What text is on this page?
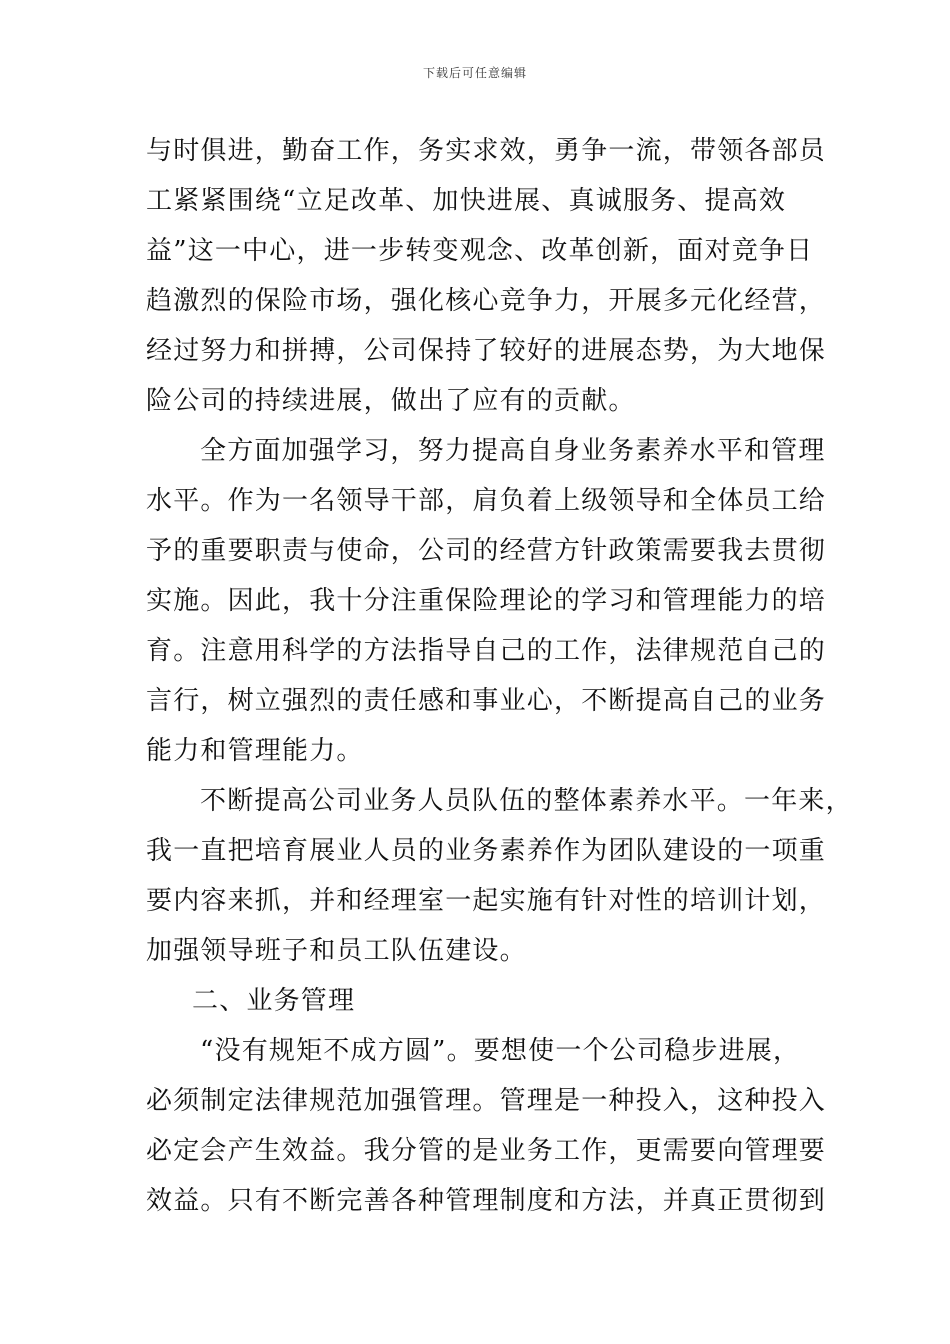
下载后可任意编辑
与时俱进，勤奋工作，务实求效，勇争一流，带领各部员
工紧紧围绕“立足改革、加快进展、真诚服务、提高效
益”这一中心，进一步转变观念、改革创新，面对竞争日
趋激烈的保险市场，强化核心竞争力，开展多元化经营，
经过努力和拼搏，公司保持了较好的进展态势，为大地保
险公司的持续进展，做出了应有的贡献。
全方面加强学习，努力提高自身业务素养水平和管理
水平。作为一名领导干部，肩负着上级领导和全体员工给
予的重要职责与使命，公司的经营方针政策需要我去贯彻
实施。因此，我十分注重保险理论的学习和管理能力的培
育。注意用科学的方法指导自己的工作，法律规范自己的
言行，树立强烈的责任感和事业心，不断提高自己的业务
能力和管理能力。
不断提高公司业务人员队伍的整体素养水平。一年来，
我一直把培育展业人员的业务素养作为团队建设的一项重
要内容来抓，并和经理室一起实施有针对性的培训计划，
加强领导班子和员工队伍建设。
二、业务管理
“没有规矩不成方圆”。要想使一个公司稳步进展，
必须制定法律规范加强管理。管理是一种投入，这种投入
必定会产生效益。我分管的是业务工作，更需要向管理要
效益。只有不断完善各种管理制度和方法，并真正贯彻到
